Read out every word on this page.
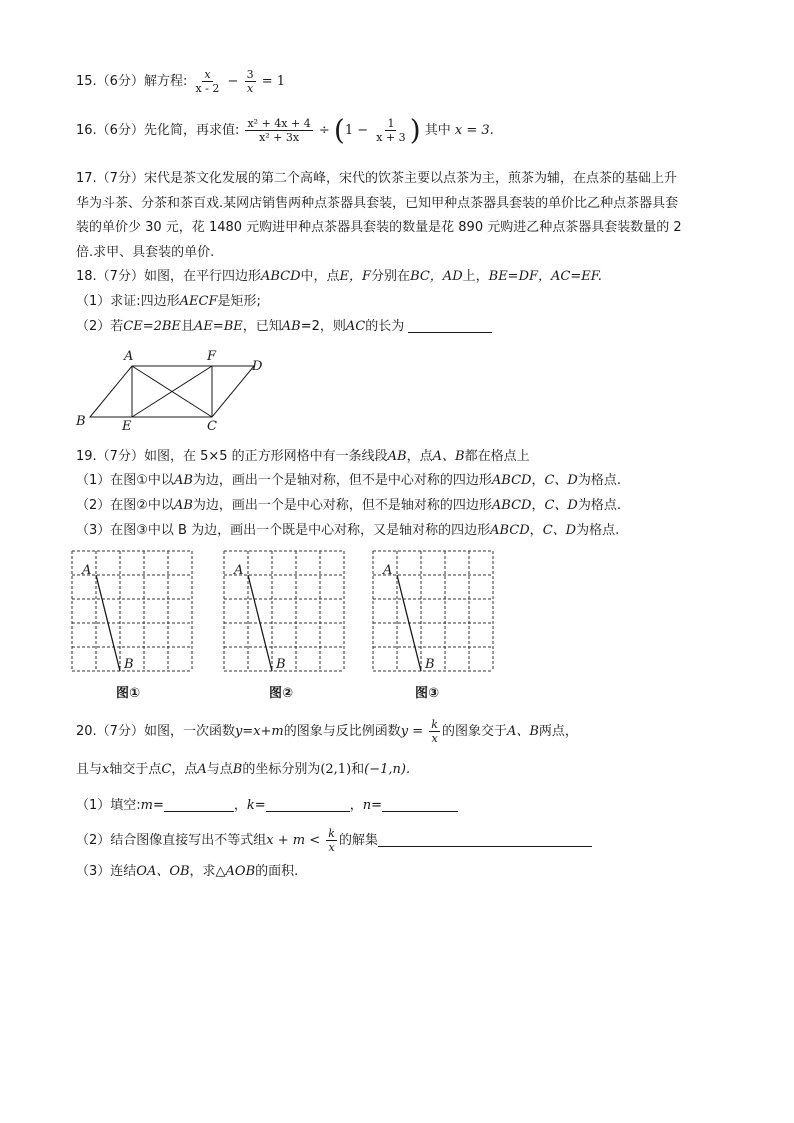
15.（6分）解方程: $\frac{x}{x - 2} - \frac{3}{x} = 1$
16.（6分）先化简，再求值: $\frac{\text{x² + 4x + 4}}{\text{x² + 3x}} \div (1 - \frac{1}{x + 3}$ ) 其中 x = 3.
17.（7分）宋代是茶文化发展的第二个高峰，宋代的饮茶主要以点茶为主，煎茶为辅，在点茶的基础上升
华为斗茶、分茶和茶百戏.某网店销售两种点茶器具套装，已知甲种点茶器具套装的单价比乙种点茶器具套
装的单价少 30 元，花 1480 元购进甲种点茶器具套装的数量是花 890 元购进乙种点茶器具套装数量的 2
倍.求甲、具套装的单价.
18.（7分）如图，在平行四边形ABCD中，点E，F分别在BC，AD上，BE=DF，AC=EF.
（1）求证:四边形AECF是矩形;
（2）若CE=2BE且AE=BE，已知AB=2，则AC的长为
A	F
D
B	E	C
19.（7分）如图，在 5×5 的正方形网格中有一条线段AB，点A、B都在格点上
（1）在图①中以AB为边，画出一个是轴对称，但不是中心对称的四边形ABCD，C、D为格点.
（2）在图②中以AB为边，画出一个是中心对称，但不是轴对称的四边形ABCD，C、D为格点.
（3）在图③中以 B 为边，画出一个既是中心对称，又是轴对称的四边形ABCD，C、D为格点.
A
B
A
B
A
B
图①	图②	图③
20.（7分）如图，一次函数y=x+m的图象与反比例函数$y = \frac{k}{x}$ 的图象交于A、B两点，
且与x轴交于点C，点A与点B的坐标分别为(2,1)和(−1,n).
（1）填空:m=	，k=	，n=
（2）结合图像直接写出不等式组$x + m < \frac{k}{x}$ 的解集
（3）连结OA、OB，求△AOB的面积.
